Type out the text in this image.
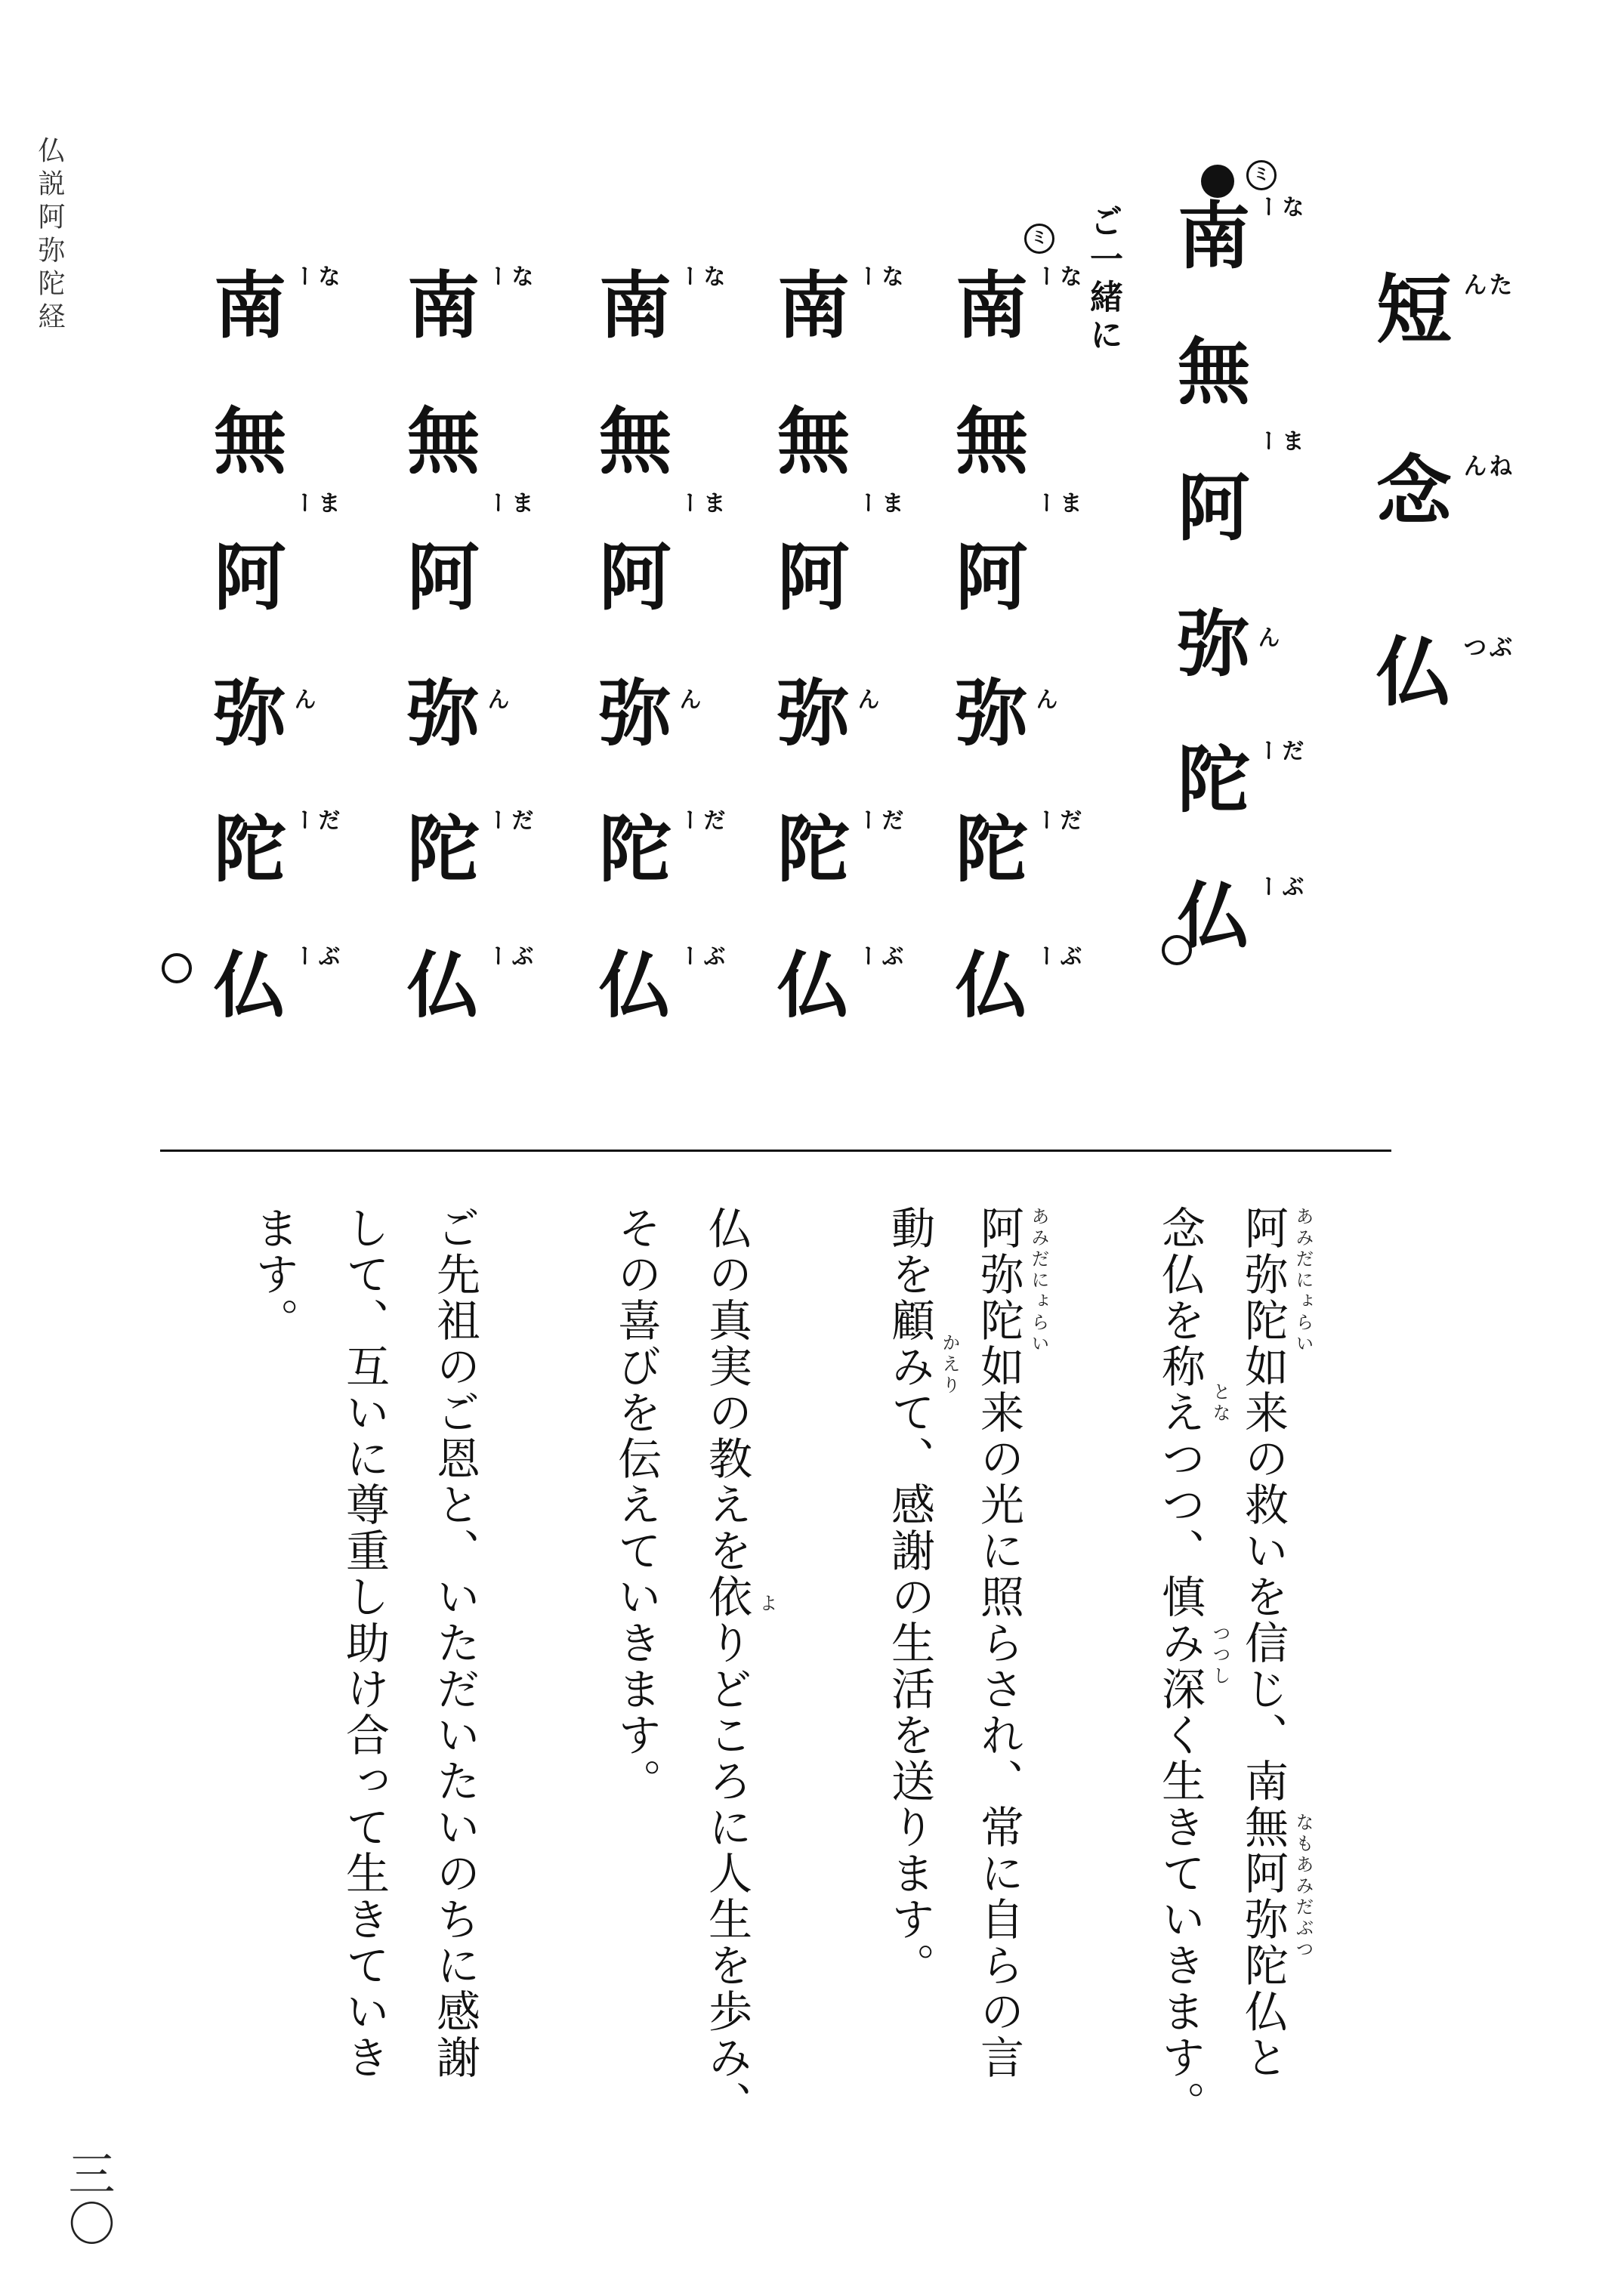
仏説阿弥陀経
三〇
短	たん
念	ねん
仏	ぶつ
ミ
南	なー
無
阿
まー
弥 ん
陀	だー
仏	ぶー
ご一緒に
ミ
南	なー
無
阿
まー
弥 ん
陀	だー
仏	ぶー
南	なー
無
阿
まー
弥 ん
陀	だー
仏	ぶー
南	なー
無
阿
まー
弥 ん
陀	だー
仏	ぶー
南	なー
無
阿
まー
弥 ん
陀	だー
仏	ぶー
南	なー
無
阿
まー
弥 ん
陀	だー
仏	ぶー
阿弥陀如来の救いを信じ、南無阿弥陀仏と
念仏を称えつつ、慎み深く生きていきます。
阿弥陀如来の光に照らされ、常に自らの言
動を顧みて、感謝の生活を送ります。
仏の真実の教えを依りどころに人生を歩み、
その喜びを伝えていきます。
ご先祖のご恩と、いただいたいのちに感謝
して、互いに尊重し助け合って生きていき
ます。	あみだにょらい
なもあみだぶつ
とな
つつし
あみだにょらい
かえり
よ
